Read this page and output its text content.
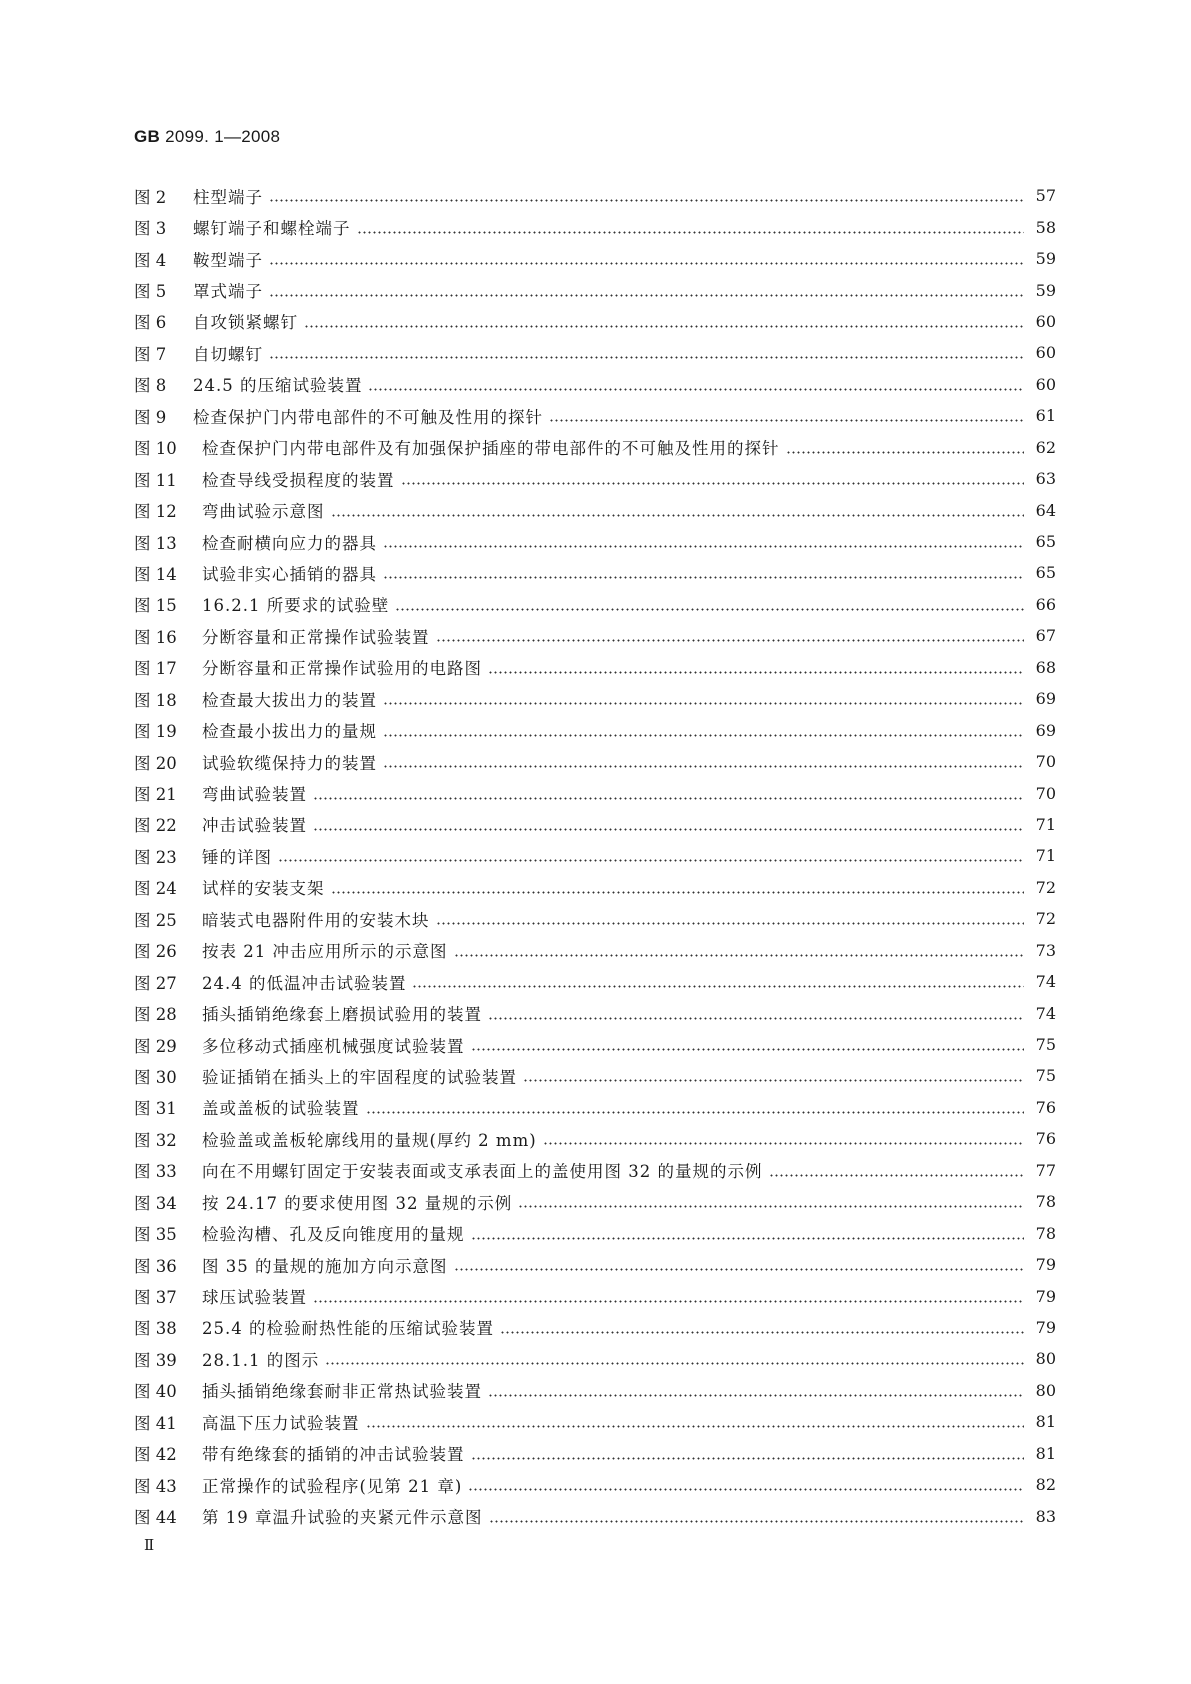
GB 2099. 1—2008
图 2	柱型端子	57
图 3	螺钉端子和螺栓端子	58
图 4	鞍型端子	59
图 5	罩式端子	59
图 6	自攻锁紧螺钉	60
图 7	自切螺钉	60
图 8	24.5 的压缩试验装置	60
图 9	检查保护门内带电部件的不可触及性用的探针	61
图 10	检查保护门内带电部件及有加强保护插座的带电部件的不可触及性用的探针	62
图 11	检查导线受损程度的装置	63
图 12	弯曲试验示意图	64
图 13	检查耐横向应力的器具	65
图 14	试验非实心插销的器具	65
图 15	16.2.1 所要求的试验壁	66
图 16	分断容量和正常操作试验装置	67
图 17	分断容量和正常操作试验用的电路图	68
图 18	检查最大拔出力的装置	69
图 19	检查最小拔出力的量规	69
图 20	试验软缆保持力的装置	70
图 21	弯曲试验装置	70
图 22	冲击试验装置	71
图 23	锤的详图	71
图 24	试样的安装支架	72
图 25	暗装式电器附件用的安装木块	72
图 26	按表 21 冲击应用所示的示意图	73
图 27	24.4 的低温冲击试验装置	74
图 28	插头插销绝缘套上磨损试验用的装置	74
图 29	多位移动式插座机械强度试验装置	75
图 30	验证插销在插头上的牢固程度的试验装置	75
图 31	盖或盖板的试验装置	76
图 32	检验盖或盖板轮廓线用的量规(厚约 2 mm)	76
图 33	向在不用螺钉固定于安装表面或支承表面上的盖使用图 32 的量规的示例	77
图 34	按 24.17 的要求使用图 32 量规的示例	78
图 35	检验沟槽、孔及反向锥度用的量规	78
图 36	图 35 的量规的施加方向示意图	79
图 37	球压试验装置	79
图 38	25.4 的检验耐热性能的压缩试验装置	79
图 39	28.1.1 的图示	80
图 40	插头插销绝缘套耐非正常热试验装置	80
图 41	高温下压力试验装置	81
图 42	带有绝缘套的插销的冲击试验装置	81
图 43	正常操作的试验程序(见第 21 章)	82
图 44	第 19 章温升试验的夹紧元件示意图	83
Ⅱ
